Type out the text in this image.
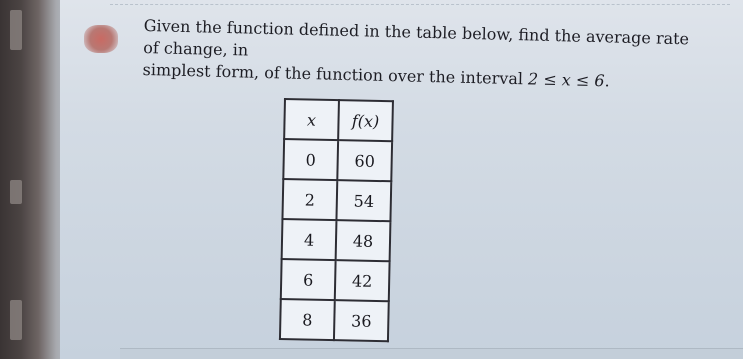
Given the function defined in the table below, find the average rate of change, in
simplest form, of the function over the interval 2 ≤ x ≤ 6.
x	f(x)
0	60
2	54
4	48
6	42
8	36
